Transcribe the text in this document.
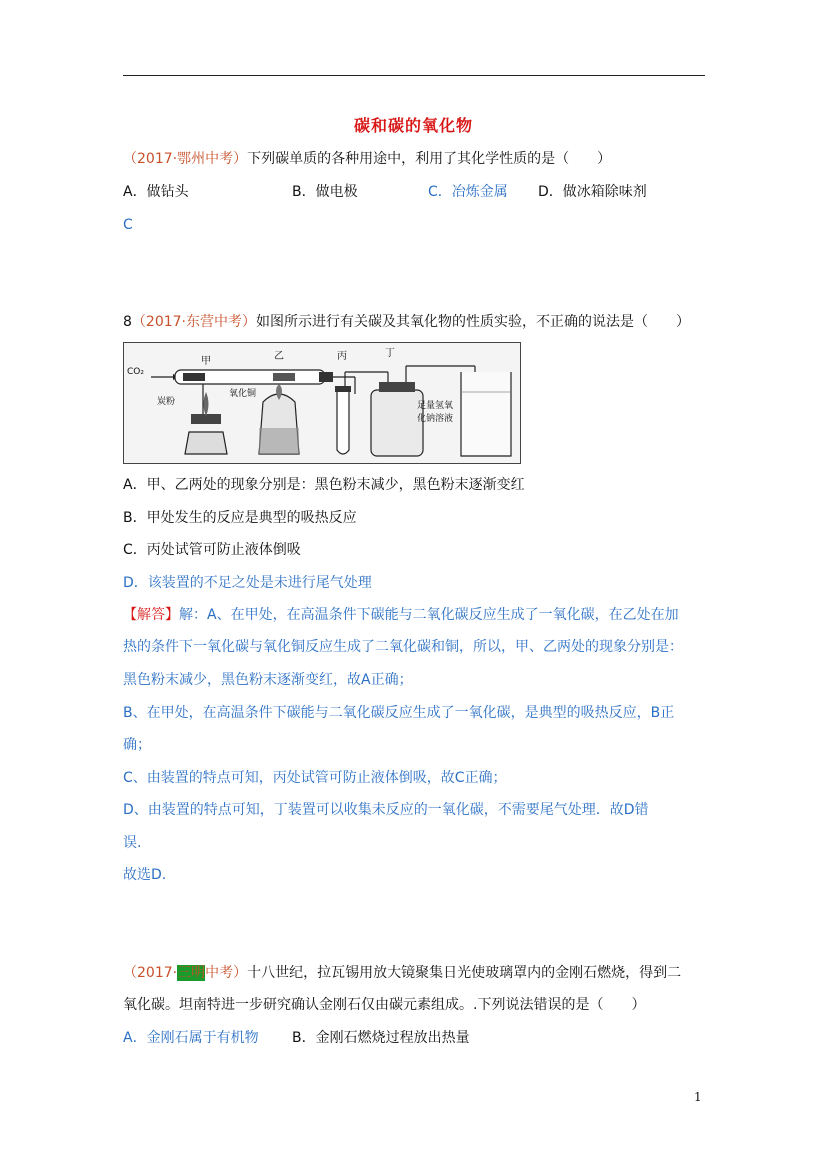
碳和碳的氧化物
（2017·鄂州中考）下列碳单质的各种用途中，利用了其化学性质的是（　　）
A．做钻头	B．做电极	C．冶炼金属 D．做冰箱除味剂
C
8（2017·东营中考）如图所示进行有关碳及其氧化物的性质实验，不正确的说法是（　　）
CO₂
甲	乙	丙	丁
炭粉
氧化铜
足量氢氧
化钠溶液
A．甲、乙两处的现象分别是：黑色粉末减少，黑色粉末逐渐变红
B．甲处发生的反应是典型的吸热反应
C．丙处试管可防止液体倒吸
D．该装置的不足之处是未进行尾气处理
【解答】解：A、在甲处，在高温条件下碳能与二氧化碳反应生成了一氧化碳，在乙处在加
热的条件下一氧化碳与氧化铜反应生成了二氧化碳和铜，所以，甲、乙两处的现象分别是：
黑色粉末减少，黑色粉末逐渐变红，故A正确；
B、在甲处，在高温条件下碳能与二氧化碳反应生成了一氧化碳，是典型的吸热反应，B正
确；
C、由装置的特点可知，丙处试管可防止液体倒吸，故C正确；
D、由装置的特点可知，丁装置可以收集未反应的一氧化碳，不需要尾气处理．故D错
误.
故选D.
（2017·三明中考）十八世纪，拉瓦锡用放大镜聚集日光使玻璃罩内的金刚石燃烧，得到二
氧化碳。坦南特进一步研究确认金刚石仅由碳元素组成。.下列说法错误的是（　　）
A．金刚石属于有机物 B．金刚石燃烧过程放出热量
1
